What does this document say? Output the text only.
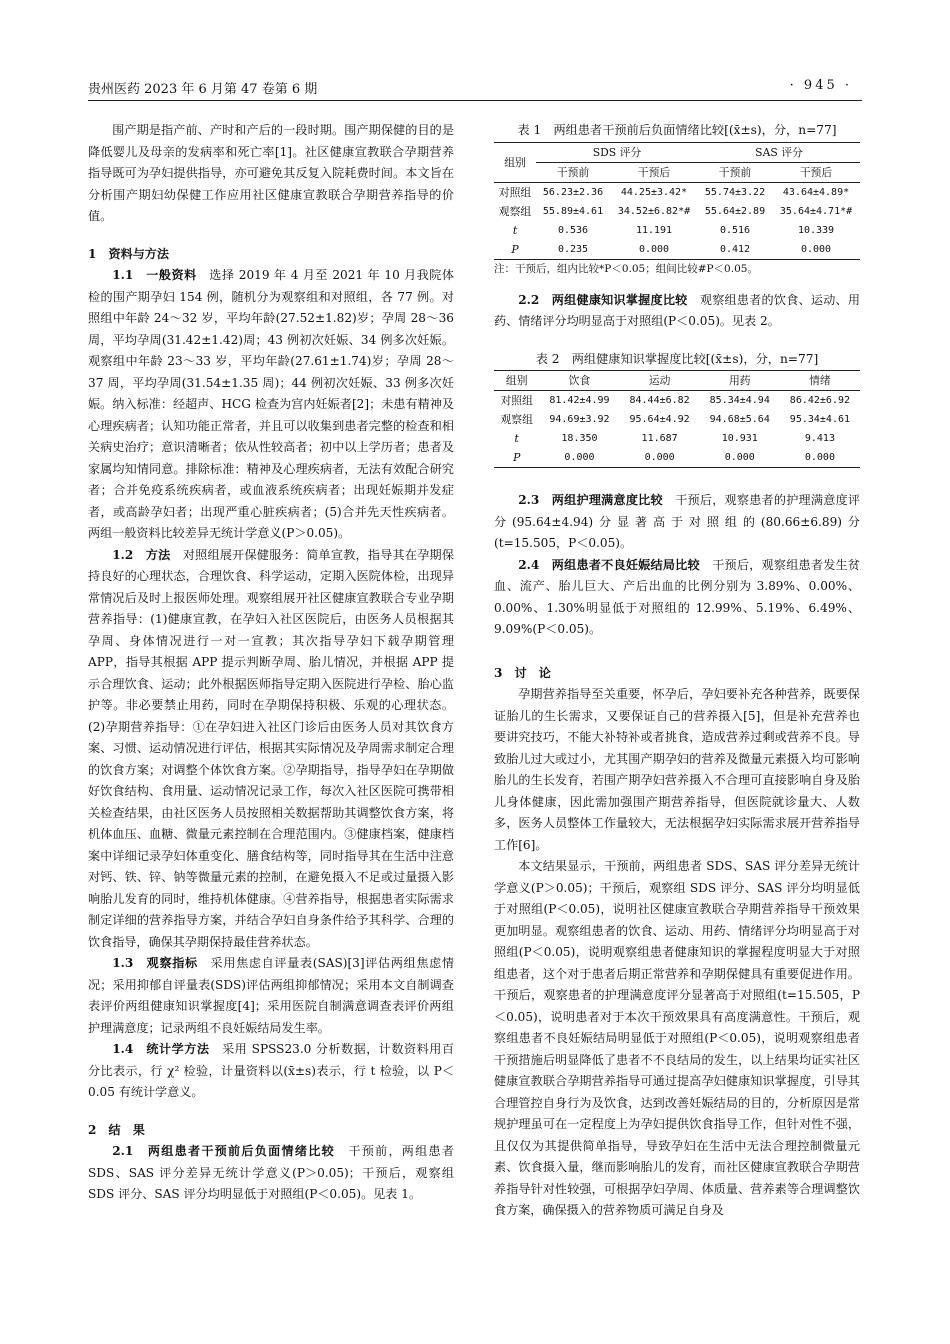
贵州医药 2023 年 6 月第 47 卷第 6 期	· 945 ·

围产期是指产前、产时和产后的一段时期。围产期保健的目的是降低婴儿及母亲的发病率和死亡率[1]。社区健康宣教联合孕期营养指导既可为孕妇提供指导，亦可避免其反复入院耗费时间。本文旨在分析围产期妇幼保健工作应用社区健康宣教联合孕期营养指导的价值。

1　资料与方法

1.1　一般资料　选择 2019 年 4 月至 2021 年 10 月我院体检的围产期孕妇 154 例，随机分为观察组和对照组，各 77 例。对照组中年龄 24～32 岁，平均年龄(27.52±1.82)岁；孕周 28～36 周，平均孕周(31.42±1.42)周；43 例初次妊娠、34 例多次妊娠。观察组中年龄 23～33 岁，平均年龄(27.61±1.74)岁；孕周 28～37 周，平均孕周(31.54±1.35 周)；44 例初次妊娠、33 例多次妊娠。纳入标准：经超声、HCG 检查为宫内妊娠者[2]；未患有精神及心理疾病者；认知功能正常者，并且可以收集到患者完整的检查和相关病史治疗；意识清晰者；依从性较高者；初中以上学历者；患者及家属均知情同意。排除标准：精神及心理疾病者，无法有效配合研究者；合并免疫系统疾病者，或血液系统疾病者；出现妊娠期并发症者，或高龄孕妇者；出现严重心脏疾病者；(5)合并先天性疾病者。两组一般资料比较差异无统计学意义(P＞0.05)。

1.2　方法　对照组展开保健服务：简单宣教，指导其在孕期保持良好的心理状态，合理饮食、科学运动，定期入医院体检，出现异常情况后及时上报医师处理。观察组展开社区健康宣教联合专业孕期营养指导：(1)健康宣教，在孕妇入社区医院后，由医务人员根据其孕周、身体情况进行一对一宣教；其次指导孕妇下载孕期管理 APP，指导其根据 APP 提示判断孕周、胎儿情况，并根据 APP 提示合理饮食、运动；此外根据医师指导定期入医院进行孕检、胎心监护等。非必要禁止用药，同时在孕期保持积极、乐观的心理状态。(2)孕期营养指导：①在孕妇进入社区门诊后由医务人员对其饮食方案、习惯、运动情况进行评估，根据其实际情况及孕周需求制定合理的饮食方案；对调整个体饮食方案。②孕期指导，指导孕妇在孕期做好饮食结构、食用量、运动情况记录工作，每次入社区医院可携带相关检查结果，由社区医务人员按照相关数据帮助其调整饮食方案，将机体血压、血糖、微量元素控制在合理范围内。③健康档案，健康档案中详细记录孕妇体重变化、膳食结构等，同时指导其在生活中注意对钙、铁、锌、钠等微量元素的控制，在避免摄入不足或过量摄入影响胎儿发育的同时，维持机体健康。④营养指导，根据患者实际需求制定详细的营养指导方案，并结合孕妇自身条件给予其科学、合理的饮食指导，确保其孕期保持最佳营养状态。

1.3　观察指标　采用焦虑自评量表(SAS)[3]评估两组焦虑情况；采用抑郁自评量表(SDS)评估两组抑郁情况；采用本文自制调查表评价两组健康知识掌握度[4]；采用医院自制满意调查表评价两组护理满意度；记录两组不良妊娠结局发生率。

1.4　统计学方法　采用 SPSS23.0 分析数据，计数资料用百分比表示，行 χ² 检验，计量资料以(x̄±s)表示，行 t 检验，以 P＜0.05 有统计学意义。

2　结　果

2.1　两组患者干预前后负面情绪比较　干预前，两组患者 SDS、SAS 评分差异无统计学意义(P＞0.05)；干预后，观察组 SDS 评分、SAS 评分均明显低于对照组(P＜0.05)。见表 1。

表 1　两组患者干预前后负面情绪比较[(x̄±s)，分，n=77]

组别	SDS 评分		SAS 评分	
	干预前	干预后	干预前	干预后
对照组	56.23±2.36	44.25±3.42*	55.74±3.22	43.64±4.89*
观察组	55.89±4.61	34.52±6.82*#	55.64±2.89	35.64±4.71*#
t	0.536	11.191	0.516	10.339
P	0.235	0.000	0.412	0.000

注：干预后，组内比较*P＜0.05；组间比较#P＜0.05。

2.2　两组健康知识掌握度比较　观察组患者的饮食、运动、用药、情绪评分均明显高于对照组(P＜0.05)。见表 2。

表 2　两组健康知识掌握度比较[(x̄±s)，分，n=77]

组别	饮食	运动	用药	情绪
对照组	81.42±4.99	84.44±6.82	85.34±4.94	86.42±6.92
观察组	94.69±3.92	95.64±4.92	94.68±5.64	95.34±4.61
t	18.350	11.687	10.931	9.413
P	0.000	0.000	0.000	0.000

2.3　两组护理满意度比较　干预后，观察患者的护理满意度评分(95.64±4.94)分显著高于对照组的(80.66±6.89)分(t=15.505，P＜0.05)。

2.4　两组患者不良妊娠结局比较　干预后，观察组患者发生贫血、流产、胎儿巨大、产后出血的比例分别为 3.89%、0.00%、0.00%、1.30%明显低于对照组的 12.99%、5.19%、6.49%、9.09%(P＜0.05)。

3　讨　论

孕期营养指导至关重要，怀孕后，孕妇要补充各种营养，既要保证胎儿的生长需求，又要保证自己的营养摄入[5]，但是补充营养也要讲究技巧，不能大补特补或者挑食，造成营养过剩或营养不良。导致胎儿过大或过小，尤其围产期孕妇的营养及微量元素摄入均可影响胎儿的生长发育，若围产期孕妇营养摄入不合理可直接影响自身及胎儿身体健康，因此需加强围产期营养指导，但医院就诊量大、人数多，医务人员整体工作量较大，无法根据孕妇实际需求展开营养指导工作[6]。

本文结果显示，干预前，两组患者 SDS、SAS 评分差异无统计学意义(P＞0.05)；干预后，观察组 SDS 评分、SAS 评分均明显低于对照组(P＜0.05)，说明社区健康宣教联合孕期营养指导干预效果更加明显。观察组患者的饮食、运动、用药、情绪评分均明显高于对照组(P＜0.05)，说明观察组患者健康知识的掌握程度明显大于对照组患者，这个对于患者后期正常营养和孕期保健具有重要促进作用。干预后，观察患者的护理满意度评分显著高于对照组(t=15.505，P＜0.05)，说明患者对于本次干预效果具有高度满意性。干预后，观察组患者不良妊娠结局明显低于对照组(P＜0.05)，说明观察组患者干预措施后明显降低了患者不不良结局的发生，以上结果均证实社区健康宣教联合孕期营养指导可通过提高孕妇健康知识掌握度，引导其合理管控自身行为及饮食，达到改善妊娠结局的目的，分析原因是常规护理虽可在一定程度上为孕妇提供饮食指导工作，但针对性不强，且仅仅为其提供简单指导，导致孕妇在生活中无法合理控制微量元素、饮食摄入量，继而影响胎儿的发育，而社区健康宣教联合孕期营养指导针对性较强，可根据孕妇孕周、体质量、营养素等合理调整饮食方案，确保摄入的营养物质可满足自身及
